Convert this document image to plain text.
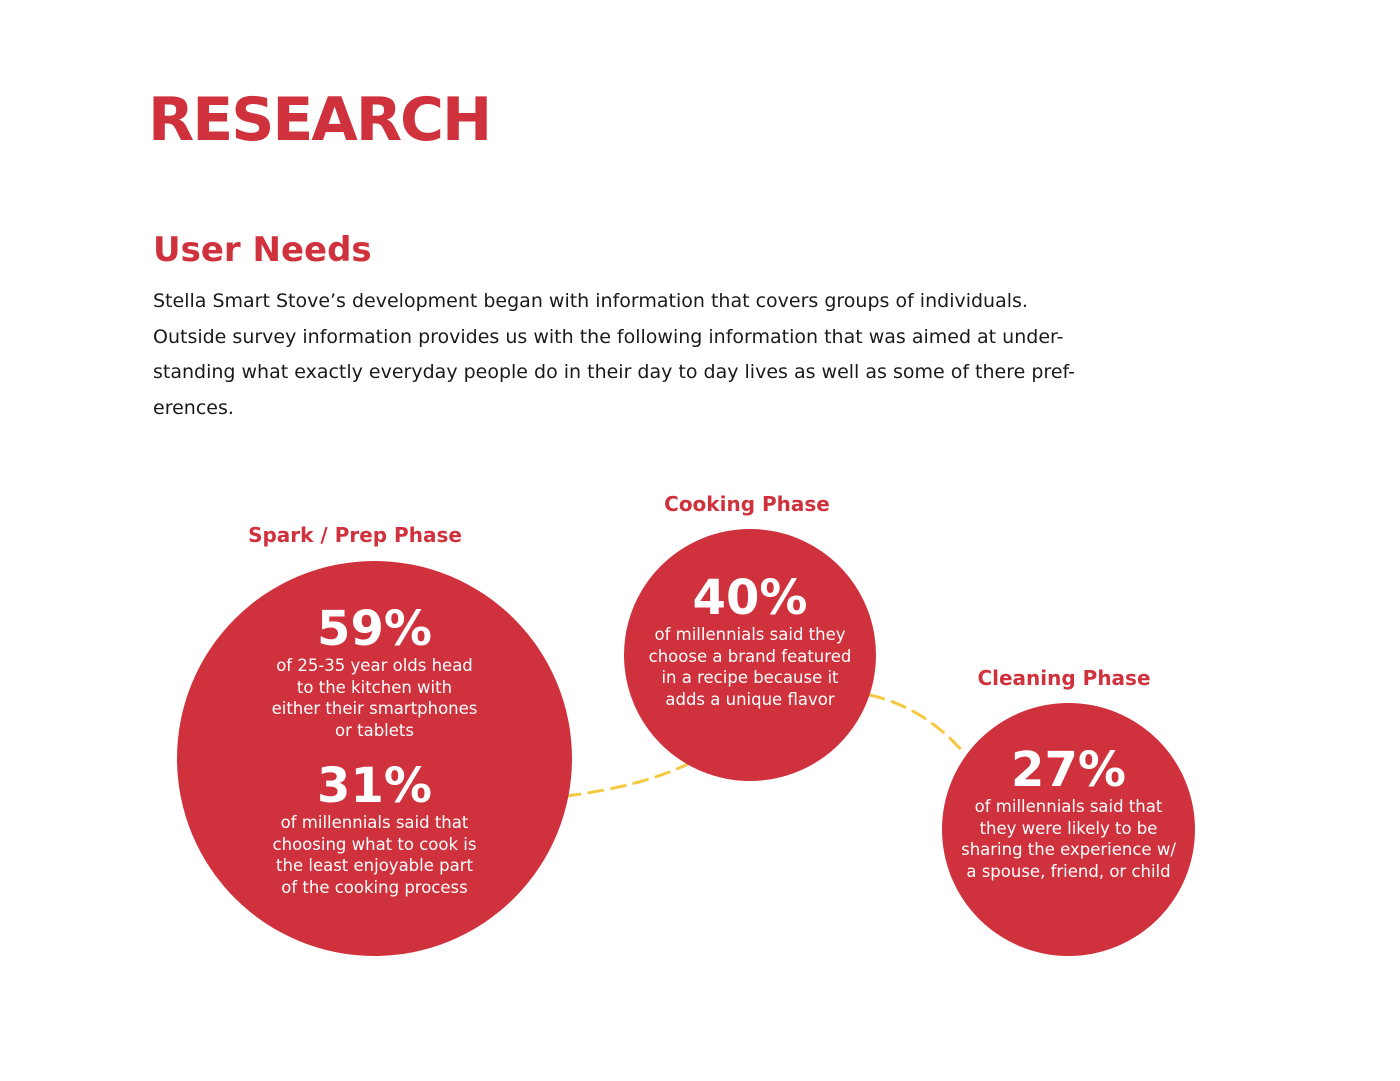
RESEARCH
User Needs

Stella Smart Stove’s development began with information that covers groups of individuals.
Outside survey information provides us with the following information that was aimed at under-
standing what exactly everyday people do in their day to day lives as well as some of there pref-
erences.

Spark / Prep Phase
59%
of 25-35 year olds head
to the kitchen with
either their smartphones
or tablets
31%
of millennials said that
choosing what to cook is
the least enjoyable part
of the cooking process
Cooking Phase
40%
of millennials said they
choose a brand featured
in a recipe because it
adds a unique flavor
Cleaning Phase
27%
of millennials said that
they were likely to be
sharing the experience w/
a spouse, friend, or child
